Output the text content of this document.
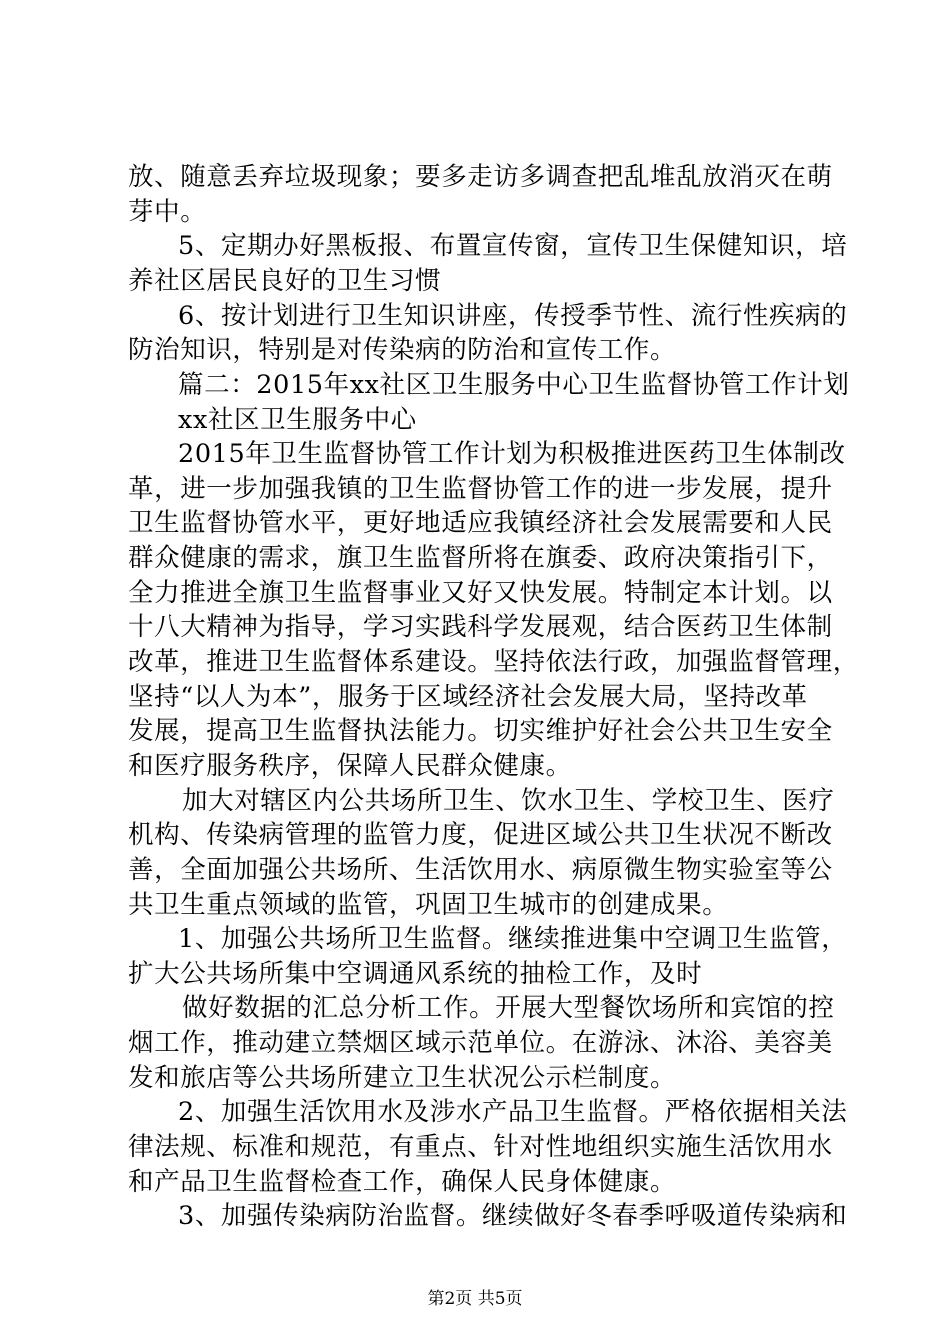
放、随意丢弃垃圾现象；要多走访多调查把乱堆乱放消灭在萌
芽中。
5、定期办好黑板报、布置宣传窗，宣传卫生保健知识，培
养社区居民良好的卫生习惯
6、按计划进行卫生知识讲座，传授季节性、流行性疾病的
防治知识，特别是对传染病的防治和宣传工作。
篇二：2015年xx社区卫生服务中心卫生监督协管工作计划
xx社区卫生服务中心
2015年卫生监督协管工作计划为积极推进医药卫生体制改
革，进一步加强我镇的卫生监督协管工作的进一步发展，提升
卫生监督协管水平，更好地适应我镇经济社会发展需要和人民
群众健康的需求，旗卫生监督所将在旗委、政府决策指引下，
全力推进全旗卫生监督事业又好又快发展。特制定本计划。以
十八大精神为指导，学习实践科学发展观，结合医药卫生体制
改革，推进卫生监督体系建设。坚持依法行政，加强监督管理，
坚持“以人为本”，服务于区域经济社会发展大局，坚持改革
发展，提高卫生监督执法能力。切实维护好社会公共卫生安全
和医疗服务秩序，保障人民群众健康。
加大对辖区内公共场所卫生、饮水卫生、学校卫生、医疗
机构、传染病管理的监管力度，促进区域公共卫生状况不断改
善，全面加强公共场所、生活饮用水、病原微生物实验室等公
共卫生重点领域的监管，巩固卫生城市的创建成果。
1、加强公共场所卫生监督。继续推进集中空调卫生监管，
扩大公共场所集中空调通风系统的抽检工作，及时
做好数据的汇总分析工作。开展大型餐饮场所和宾馆的控
烟工作，推动建立禁烟区域示范单位。在游泳、沐浴、美容美
发和旅店等公共场所建立卫生状况公示栏制度。
2、加强生活饮用水及涉水产品卫生监督。严格依据相关法
律法规、标准和规范，有重点、针对性地组织实施生活饮用水
和产品卫生监督检查工作，确保人民身体健康。
3、加强传染病防治监督。继续做好冬春季呼吸道传染病和
第2页 共5页
